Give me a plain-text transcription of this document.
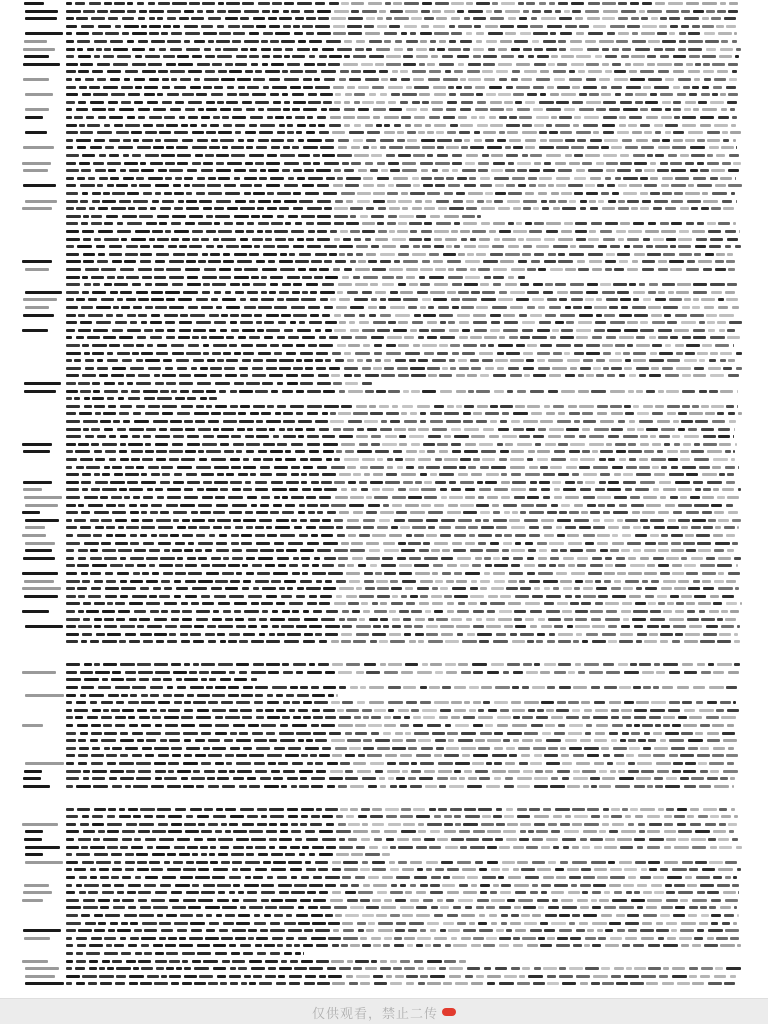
仅供观看，禁止二传
